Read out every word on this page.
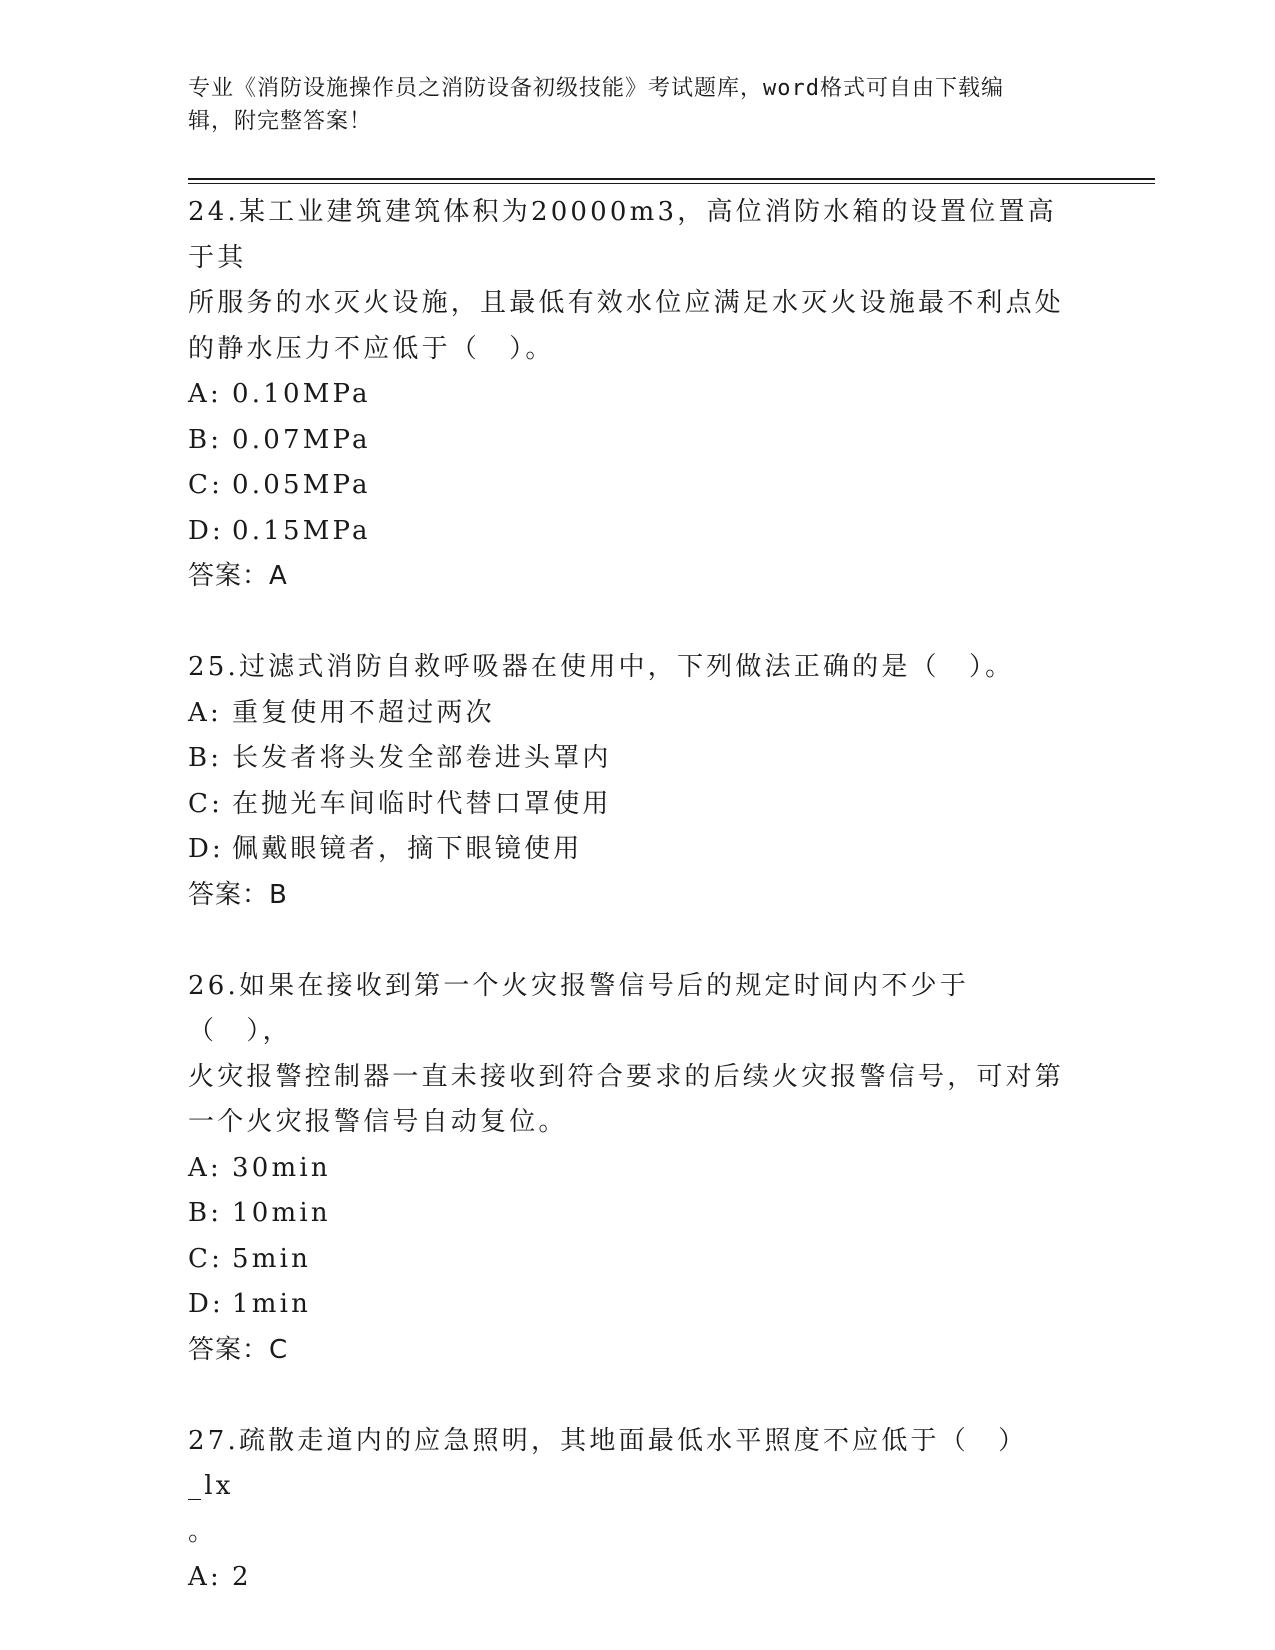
专业《消防设施操作员之消防设备初级技能》考试题库，word格式可自由下载编
辑，附完整答案！

24.某工业建筑建筑体积为20000m3，高位消防水箱的设置位置高于其

所服务的水灭火设施，且最低有效水位应满足水灭火设施最不利点处

的静水压力不应低于（　）。

A: 0.10MPa

B: 0.07MPa

C: 0.05MPa

D: 0.15MPa

答案：A

25.过滤式消防自救呼吸器在使用中，下列做法正确的是（　）。

A: 重复使用不超过两次

B: 长发者将头发全部卷进头罩内

C: 在抛光车间临时代替口罩使用

D: 佩戴眼镜者，摘下眼镜使用

答案：B

26.如果在接收到第一个火灾报警信号后的规定时间内不少于（　），

火灾报警控制器一直未接收到符合要求的后续火灾报警信号，可对第

一个火灾报警信号自动复位。

A: 30min

B: 10min

C: 5min

D: 1min

答案：C

27.疏散走道内的应急照明，其地面最低水平照度不应低于（　）_lx

。

A: 2
